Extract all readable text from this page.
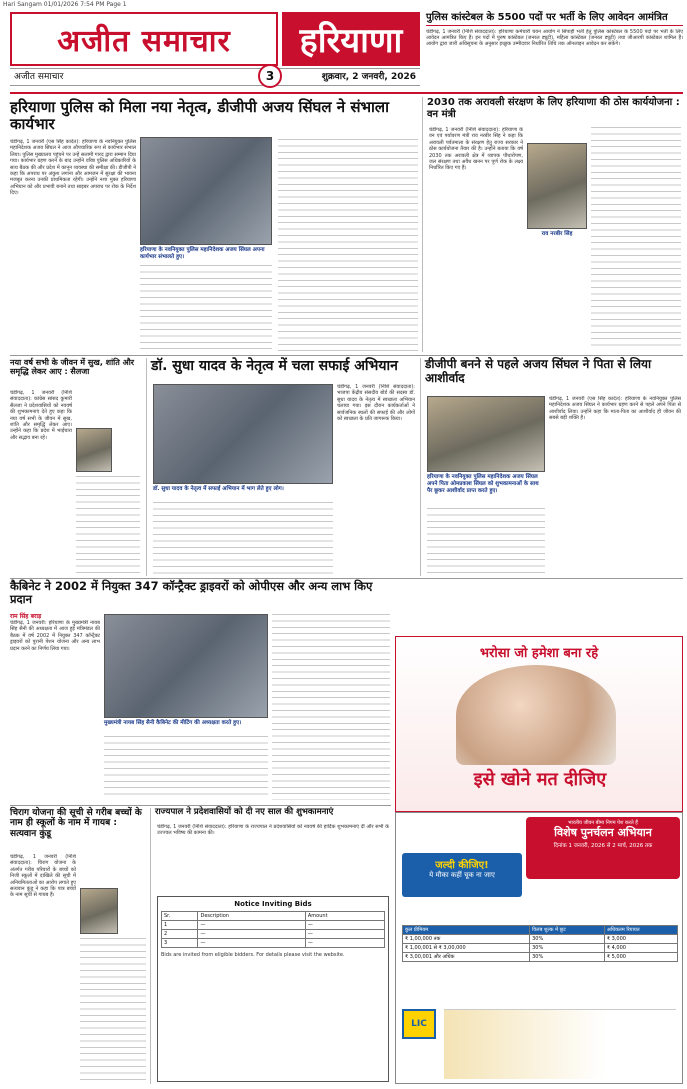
Hari Sangam 01/01/2026 7:54 PM Page 1
अजीत समाचार हरियाणा
अजीत समाचार	शुक्रवार, 2 जनवरी, 2026
3
पुलिस कांस्टेबल के 5500 पदों पर भर्ती के लिए आवेदन आमंत्रित
चंडीगढ़, 1 जनवरी (निशि संवाददाता): हरियाणा कर्मचारी चयन आयोग ने सिपाही भर्ती हेतु पुलिस कांस्टेबल के 5500 पदों पर भर्ती के लिए आवेदन आमंत्रित किए हैं। इन पदों में पुरुष कांस्टेबल (जनरल ड्यूटी), महिला कांस्टेबल (जनरल ड्यूटी) तथा जीआरपी कांस्टेबल शामिल हैं। आयोग द्वारा जारी अधिसूचना के अनुसार इच्छुक उम्मीदवार निर्धारित तिथि तक ऑनलाइन आवेदन कर सकेंगे।
हरियाणा पुलिस को मिला नया नेतृत्व, डीजीपी अजय सिंघल ने संभाला कार्यभार
हरियाणा के नवनियुक्त पुलिस महानिदेशक अजय सिंघल अपना कार्यभार संभालते हुए।
चंडीगढ़, 1 जनवरी (एस सिंह कादेत): हरियाणा के नवनियुक्त पुलिस महानिदेशक अजय सिंघल ने आज औपचारिक रूप से कार्यभार संभाल लिया। पुलिस मुख्यालय पहुंचने पर उन्हें सलामी गारद द्वारा सम्मान दिया गया। कार्यभार ग्रहण करने के बाद उन्होंने वरिष्ठ पुलिस अधिकारियों के साथ बैठक की और प्रदेश में कानून व्यवस्था की समीक्षा की। डीजीपी ने कहा कि अपराध पर अंकुश लगाना और आमजन में सुरक्षा की भावना मजबूत करना उनकी प्राथमिकता रहेगी। उन्होंने नशा मुक्त हरियाणा अभियान को और प्रभावी बनाने तथा साइबर अपराध पर रोक के निर्देश दिए।
2030 तक अरावली संरक्षण के लिए हरियाणा की ठोस कार्ययोजना : वन मंत्री
राव नरबीर सिंह
चंडीगढ़, 1 जनवरी (निशि संवाददाता): हरियाणा के वन एवं पर्यावरण मंत्री राव नरबीर सिंह ने कहा कि अरावली पर्वतमाला के संरक्षण हेतु राज्य सरकार ने ठोस कार्ययोजना तैयार की है। उन्होंने बताया कि वर्ष 2030 तक अरावली क्षेत्र में व्यापक पौधारोपण, जल संरक्षण तथा अवैध खनन पर पूर्ण रोक के लक्ष्य निर्धारित किए गए हैं।
नया वर्ष सभी के जीवन में सुख, शांति और समृद्धि लेकर आए : सैलजा
चंडीगढ़, 1 जनवरी (निशि संवाददाता): कांग्रेस सांसद कुमारी सैलजा ने प्रदेशवासियों को नववर्ष की शुभकामनाएं देते हुए कहा कि नया वर्ष सभी के जीवन में सुख, शांति और समृद्धि लेकर आए। उन्होंने कहा कि प्रदेश में भाईचारा और सद्भाव बना रहे।
डॉ. सुधा यादव के नेतृत्व में चला सफाई अभियान
डॉ. सुधा यादव के नेतृत्व में सफाई अभियान में भाग लेते हुए लोग।
चंडीगढ़, 1 जनवरी (निशि संवाददाता): भाजपा केंद्रीय संसदीय बोर्ड की सदस्य डॉ. सुधा यादव के नेतृत्व में स्वच्छता अभियान चलाया गया। इस दौरान कार्यकर्ताओं ने सार्वजनिक स्थलों की सफाई की और लोगों को स्वच्छता के प्रति जागरूक किया।
डीजीपी बनने से पहले अजय सिंघल ने पिता से लिया आशीर्वाद
हरियाणा के नवनियुक्त पुलिस महानिदेशक अजय सिंघल अपने पिता ओमप्रकाश सिंघल को शुभकामनाओं के साथ पैर छूकर आशीर्वाद प्राप्त करते हुए।
चंडीगढ़, 1 जनवरी (एस सिंह कादेत): हरियाणा के नवनियुक्त पुलिस महानिदेशक अजय सिंघल ने कार्यभार ग्रहण करने से पहले अपने पिता से आशीर्वाद लिया। उन्होंने कहा कि माता-पिता का आशीर्वाद ही जीवन की सबसे बड़ी शक्ति है।
कैबिनेट ने 2002 में नियुक्त 347 कॉन्ट्रैक्ट ड्राइवरों को ओपीएस और अन्य लाभ किए प्रदान
राम सिंह बराड़
चंडीगढ़, 1 जनवरी: हरियाणा के मुख्यमंत्री नायब सिंह सैनी की अध्यक्षता में आज हुई मंत्रिमंडल की बैठक में वर्ष 2002 में नियुक्त 347 कॉन्ट्रैक्ट ड्राइवरों को पुरानी पेंशन योजना और अन्य लाभ प्रदान करने का निर्णय लिया गया।
मुख्यमंत्री नायब सिंह सैनी कैबिनेट की मीटिंग की अध्यक्षता करते हुए।
भरोसा जो हमेशा बना रहे
इसे खोने मत दीजिए
चिराग योजना की सूची से गरीब बच्चों के नाम ही स्कूलों के नाम में गायब : सत्यवान कुंडू
चंडीगढ़, 1 जनवरी (निशि संवाददाता): चिराग योजना के अंतर्गत गरीब परिवारों के बच्चों को निजी स्कूलों में दाखिले की सूची में अनियमितताओं का आरोप लगाते हुए सत्यवान कुंडू ने कहा कि पात्र बच्चों के नाम सूची से गायब हैं।
राज्यपाल ने प्रदेशवासियों को दी नए साल की शुभकामनाएं
चंडीगढ़, 1 जनवरी (निशि संवाददाता): हरियाणा के राज्यपाल ने प्रदेशवासियों को नववर्ष की हार्दिक शुभकामनाएं दीं और सभी के उज्ज्वल भविष्य की कामना की।
Notice Inviting Bids
Sr.	Description	Amount
1	—	—
2	—	—
3	—	—
Bids are invited from eligible bidders. For details please visit the website.
भारतीय जीवन बीमा निगम पेश करते हैं
विशेष पुनर्चलन अभियान
दिनांक 1 जनवरी, 2026 से 2 मार्च, 2026 तक
जल्दी कीजिए!
ये मौका कहीं चूक ना जाए
कुल प्रीमियम	विलंब शुल्क में छूट	अधिकतम रियायत
₹ 1,00,000 तक	30%	₹ 3,000
₹ 1,00,001 से ₹ 3,00,000	30%	₹ 4,000
₹ 3,00,001 और अधिक	30%	₹ 5,000
LIC
